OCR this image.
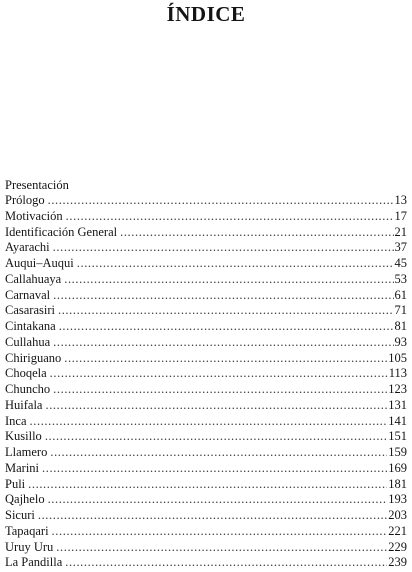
ÍNDICE
Presentación
Prólogo .....	13
Motivación .....	17
Identificación General .....	21
Ayarachi .....	37
Auqui–Auqui .....	45
Callahuaya .....	53
Carnaval .....	61
Casarasiri .....	71
Cintakana .....	81
Cullahua .....	93
Chiriguano .....	105
Choqela .....	113
Chuncho .....	123
Huifala .....	131
Inca .....	141
Kusillo .....	151
Llamero .....	159
Marini .....	169
Puli .....	181
Qajhelo .....	193
Sicuri .....	203
Tapaqari .....	221
Uruy Uru .....	229
La Pandilla .....	239
